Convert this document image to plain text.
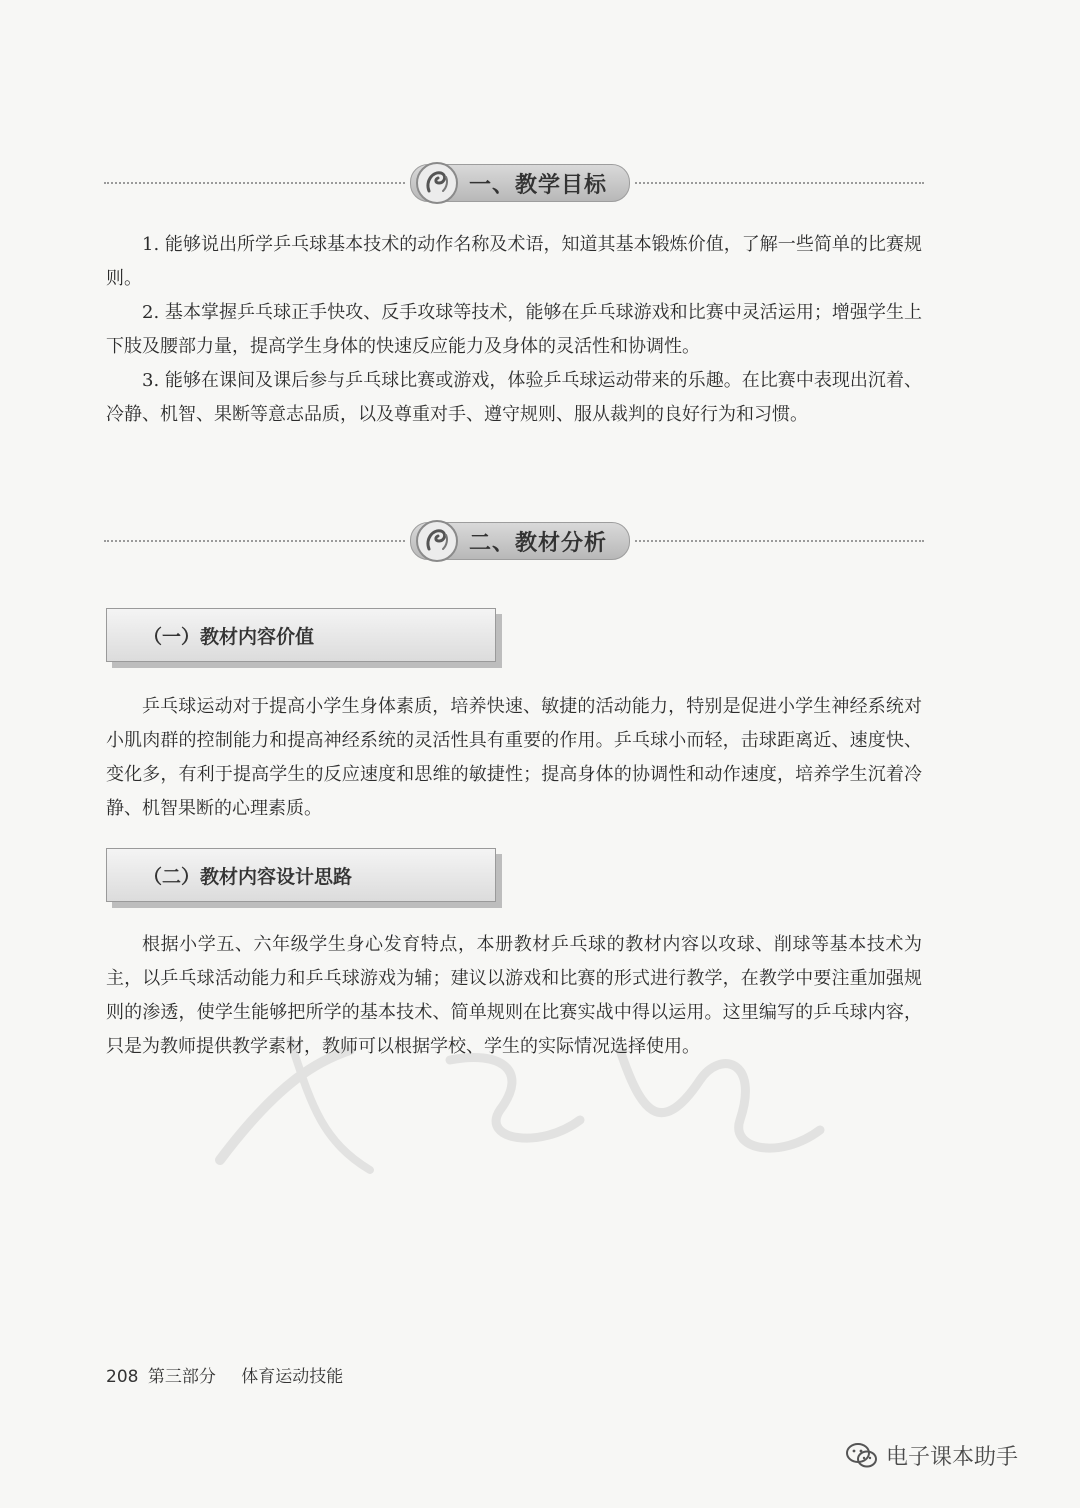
一、教学目标

1. 能够说出所学乒乓球基本技术的动作名称及术语，知道其基本锻炼价值，了解一些简单的比赛规则。

2. 基本掌握乒乓球正手快攻、反手攻球等技术，能够在乒乓球游戏和比赛中灵活运用；增强学生上下肢及腰部力量，提高学生身体的快速反应能力及身体的灵活性和协调性。

3. 能够在课间及课后参与乒乓球比赛或游戏，体验乒乓球运动带来的乐趣。在比赛中表现出沉着、冷静、机智、果断等意志品质，以及尊重对手、遵守规则、服从裁判的良好行为和习惯。

二、教材分析
（一）教材内容价值

乒乓球运动对于提高小学生身体素质，培养快速、敏捷的活动能力，特别是促进小学生神经系统对小肌肉群的控制能力和提高神经系统的灵活性具有重要的作用。乒乓球小而轻，击球距离近、速度快、变化多，有利于提高学生的反应速度和思维的敏捷性；提高身体的协调性和动作速度，培养学生沉着冷静、机智果断的心理素质。

（二）教材内容设计思路

根据小学五、六年级学生身心发育特点，本册教材乒乓球的教材内容以攻球、削球等基本技术为主，以乒乓球活动能力和乒乓球游戏为辅；建议以游戏和比赛的形式进行教学，在教学中要注重加强规则的渗透，使学生能够把所学的基本技术、简单规则在比赛实战中得以运用。这里编写的乒乓球内容，只是为教师提供教学素材，教师可以根据学校、学生的实际情况选择使用。

208 第三部分 体育运动技能
电子课本助手
